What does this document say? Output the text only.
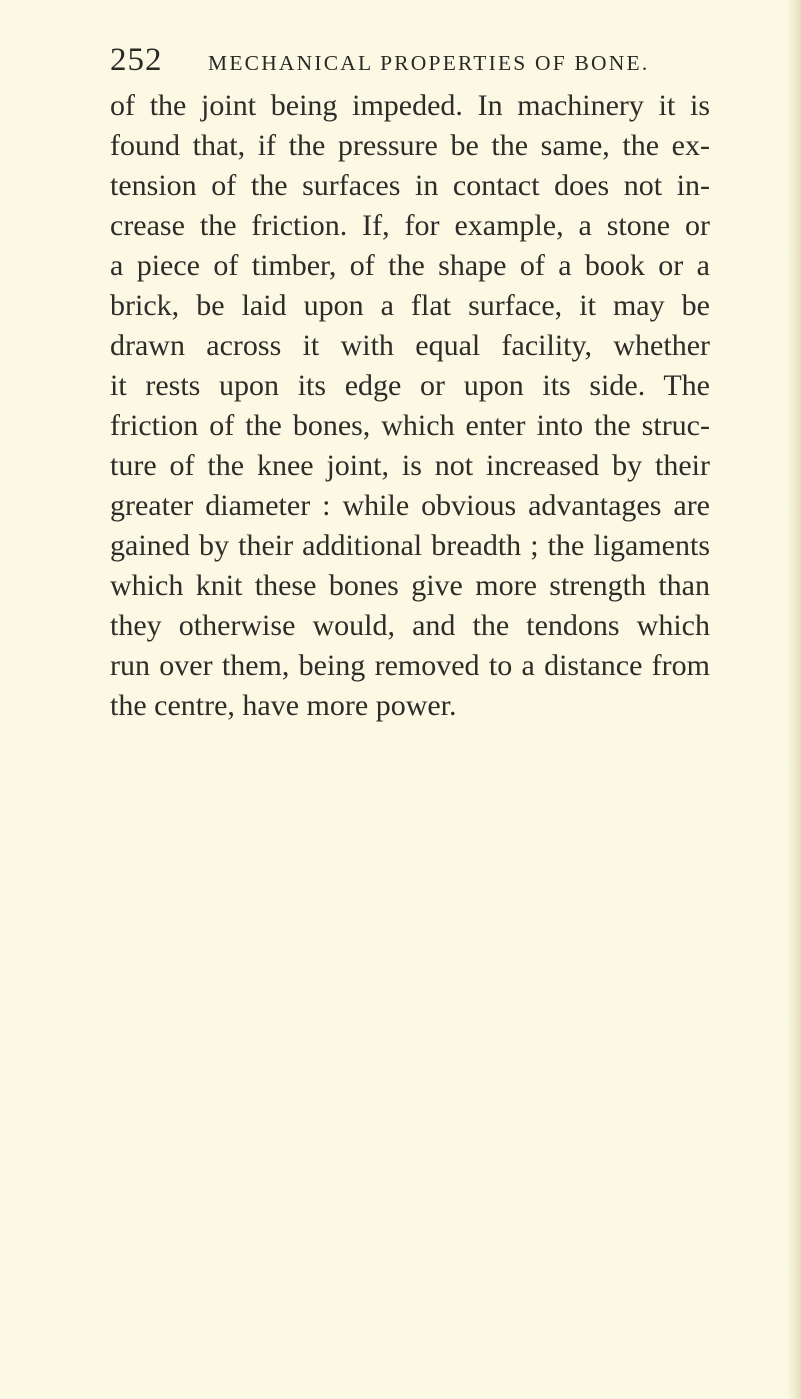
252 MECHANICAL PROPERTIES OF BONE.
of the joint being impeded. In machinery it is
found that, if the pressure be the same, the ex-
tension of the surfaces in contact does not in-
crease the friction. If, for example, a stone or
a piece of timber, of the shape of a book or a
brick, be laid upon a flat surface, it may be
drawn across it with equal facility, whether
it rests upon its edge or upon its side. The
friction of the bones, which enter into the struc-
ture of the knee joint, is not increased by their
greater diameter : while obvious advantages are
gained by their additional breadth ; the ligaments
which knit these bones give more strength than
they otherwise would, and the tendons which
run over them, being removed to a distance from
the centre, have more power.
